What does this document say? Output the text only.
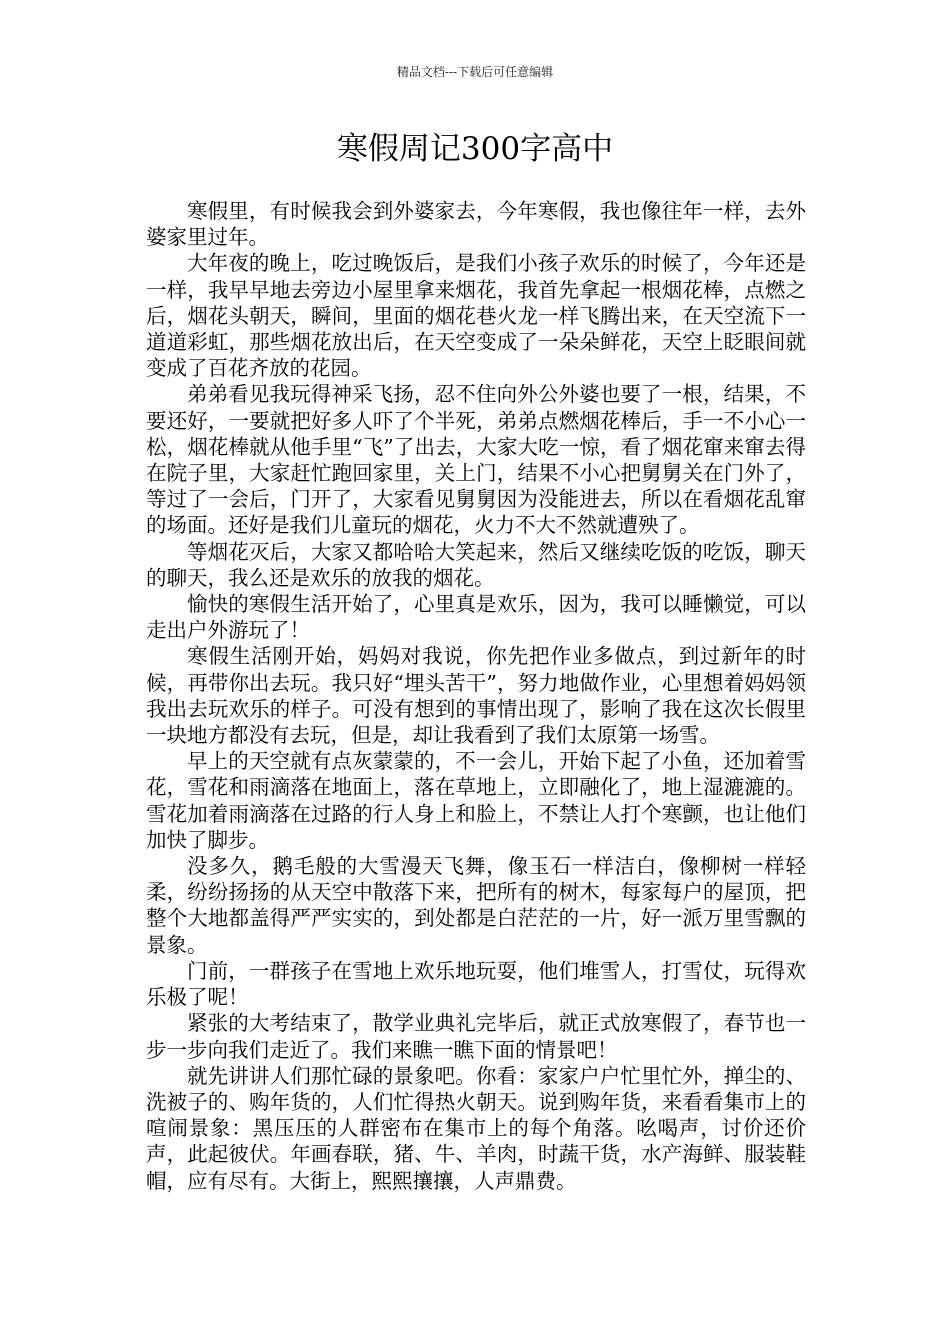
精品文档---下载后可任意编辑
寒假周记300字高中

寒假里，有时候我会到外婆家去，今年寒假，我也像往年一样，去外婆家里过年。

大年夜的晚上，吃过晚饭后，是我们小孩子欢乐的时候了，今年还是一样，我早早地去旁边小屋里拿来烟花，我首先拿起一根烟花棒，点燃之后，烟花头朝天，瞬间，里面的烟花巷火龙一样飞腾出来，在天空流下一道道彩虹，那些烟花放出后，在天空变成了一朵朵鲜花，天空上眨眼间就变成了百花齐放的花园。

弟弟看见我玩得神采飞扬，忍不住向外公外婆也要了一根，结果，不要还好，一要就把好多人吓了个半死，弟弟点燃烟花棒后，手一不小心一松，烟花棒就从他手里“飞”了出去，大家大吃一惊，看了烟花窜来窜去得在院子里，大家赶忙跑回家里，关上门，结果不小心把舅舅关在门外了，等过了一会后，门开了，大家看见舅舅因为没能进去，所以在看烟花乱窜的场面。还好是我们儿童玩的烟花，火力不大不然就遭殃了。

等烟花灭后，大家又都哈哈大笑起来，然后又继续吃饭的吃饭，聊天的聊天，我么还是欢乐的放我的烟花。

愉快的寒假生活开始了，心里真是欢乐，因为，我可以睡懒觉，可以走出户外游玩了！

寒假生活刚开始，妈妈对我说，你先把作业多做点，到过新年的时候，再带你出去玩。我只好“埋头苦干”，努力地做作业，心里想着妈妈领我出去玩欢乐的样子。可没有想到的事情出现了，影响了我在这次长假里一块地方都没有去玩，但是，却让我看到了我们太原第一场雪。

早上的天空就有点灰蒙蒙的，不一会儿，开始下起了小鱼，还加着雪花，雪花和雨滴落在地面上，落在草地上，立即融化了，地上湿漉漉的。雪花加着雨滴落在过路的行人身上和脸上，不禁让人打个寒颤，也让他们加快了脚步。

没多久，鹅毛般的大雪漫天飞舞，像玉石一样洁白，像柳树一样轻柔，纷纷扬扬的从天空中散落下来，把所有的树木，每家每户的屋顶，把整个大地都盖得严严实实的，到处都是白茫茫的一片，好一派万里雪飘的景象。

门前，一群孩子在雪地上欢乐地玩耍，他们堆雪人，打雪仗，玩得欢乐极了呢！

紧张的大考结束了，散学业典礼完毕后，就正式放寒假了，春节也一步一步向我们走近了。我们来瞧一瞧下面的情景吧！

就先讲讲人们那忙碌的景象吧。你看：家家户户忙里忙外，掸尘的、洗被子的、购年货的，人们忙得热火朝天。说到购年货，来看看集市上的喧闹景象：黑压压的人群密布在集市上的每个角落。吆喝声，讨价还价声，此起彼伏。年画春联，猪、牛、羊肉，时蔬干货，水产海鲜、服装鞋帽，应有尽有。大街上，熙熙攘攘，人声鼎费。
